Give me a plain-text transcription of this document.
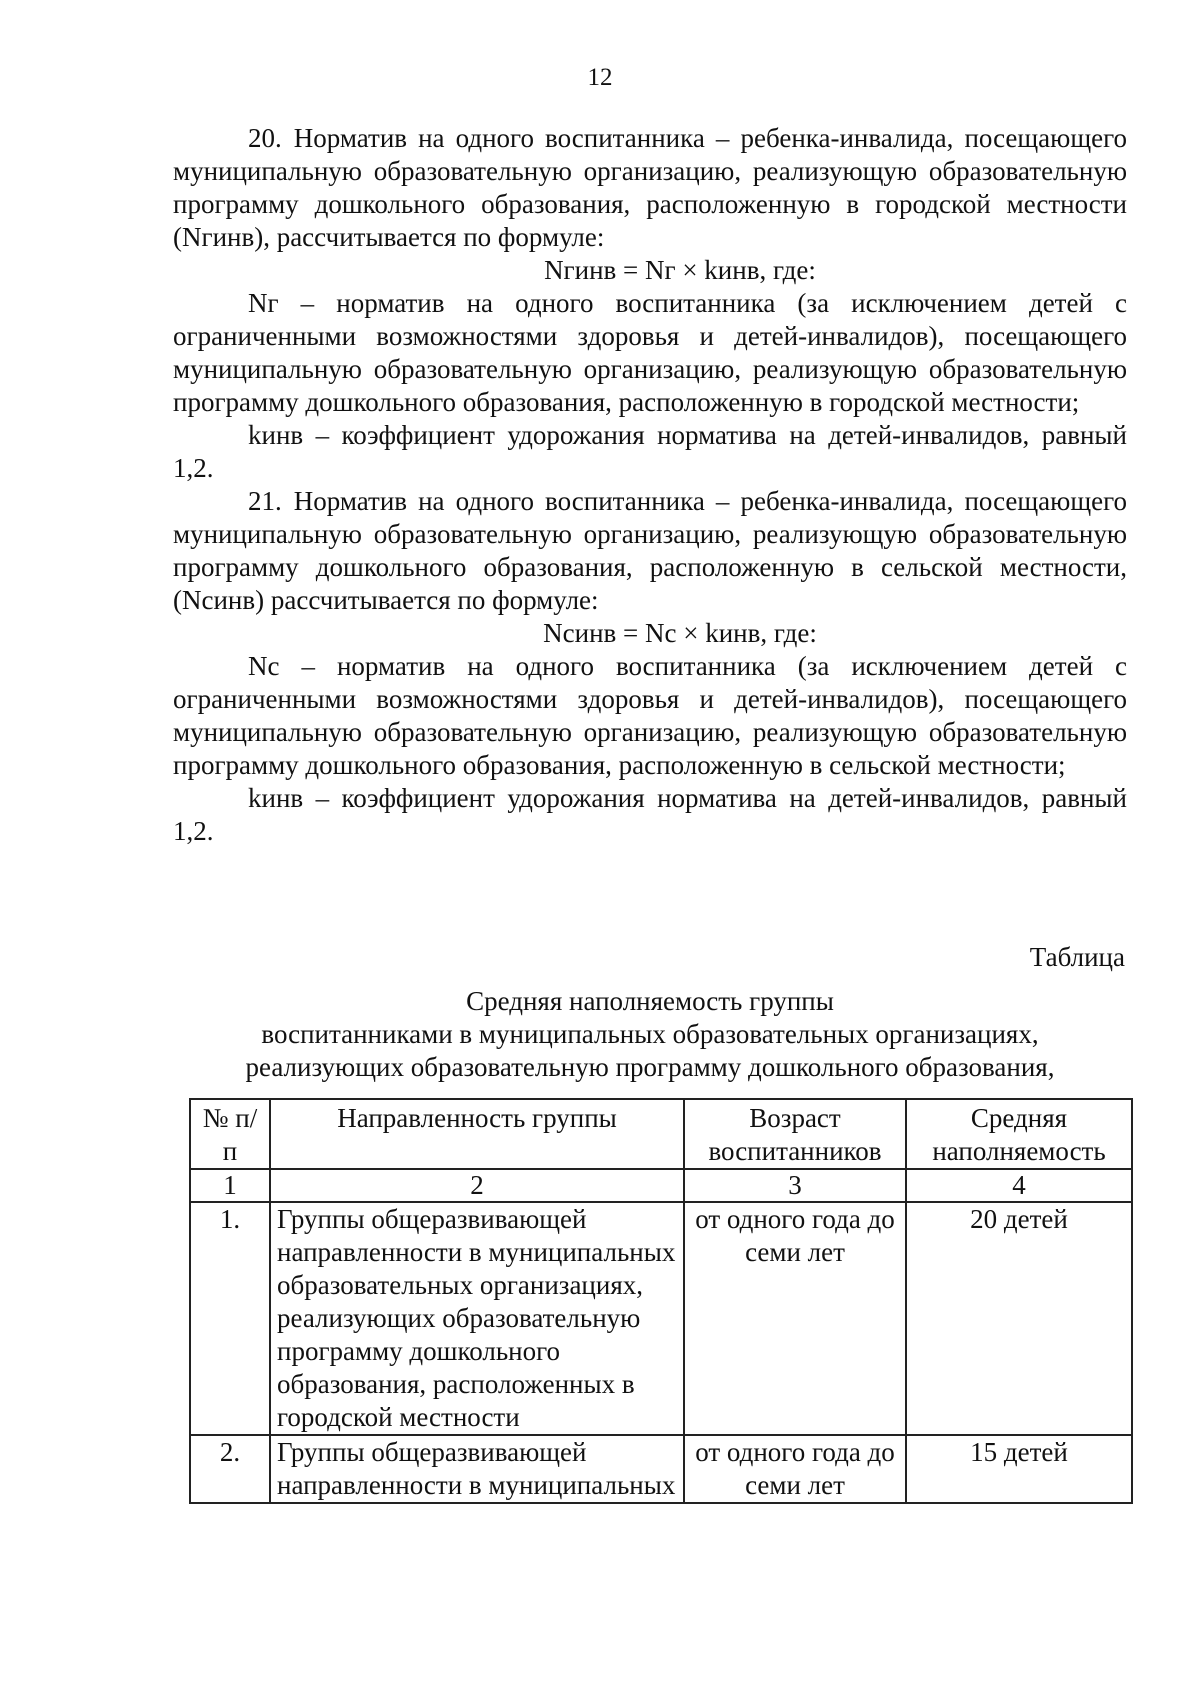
12

20. Норматив на одного воспитанника – ребенка-инвалида, посещающего муниципальную образовательную организацию, реализующую образовательную программу дошкольного образования, расположенную в городской местности (Nгинв), рассчитывается по формуле:

Nгинв = Nг × kинв, где:

Nг – норматив на одного воспитанника (за исключением детей с ограниченными возможностями здоровья и детей-инвалидов), посещающего муниципальную образовательную организацию, реализующую образовательную программу дошкольного образования, расположенную в городской местности;

kинв – коэффициент удорожания норматива на детей-инвалидов, равный 1,2.

21. Норматив на одного воспитанника – ребенка-инвалида, посещающего муниципальную образовательную организацию, реализующую образовательную программу дошкольного образования, расположенную в сельской местности, (Nсинв) рассчитывается по формуле:

Nсинв = Nс × kинв, где:

Nс – норматив на одного воспитанника (за исключением детей с ограниченными возможностями здоровья и детей-инвалидов), посещающего муниципальную образовательную организацию, реализующую образовательную программу дошкольного образования, расположенную в сельской местности;

kинв – коэффициент удорожания норматива на детей-инвалидов, равный 1,2.

Таблица
Средняя наполняемость группы
воспитанниками в муниципальных образовательных организациях,
реализующих образовательную программу дошкольного образования,
№ п/п	Направленность группы	Возраст воспитанников	Средняя наполняемость
1	2	3	4
1.	Группы общеразвивающей направленности в муниципальных образовательных организациях, реализующих образовательную программу дошкольного образования, расположенных в городской местности	от одного года до семи лет	20 детей
2.	Группы общеразвивающей направленности в муниципальных	от одного года до семи лет	15 детей
